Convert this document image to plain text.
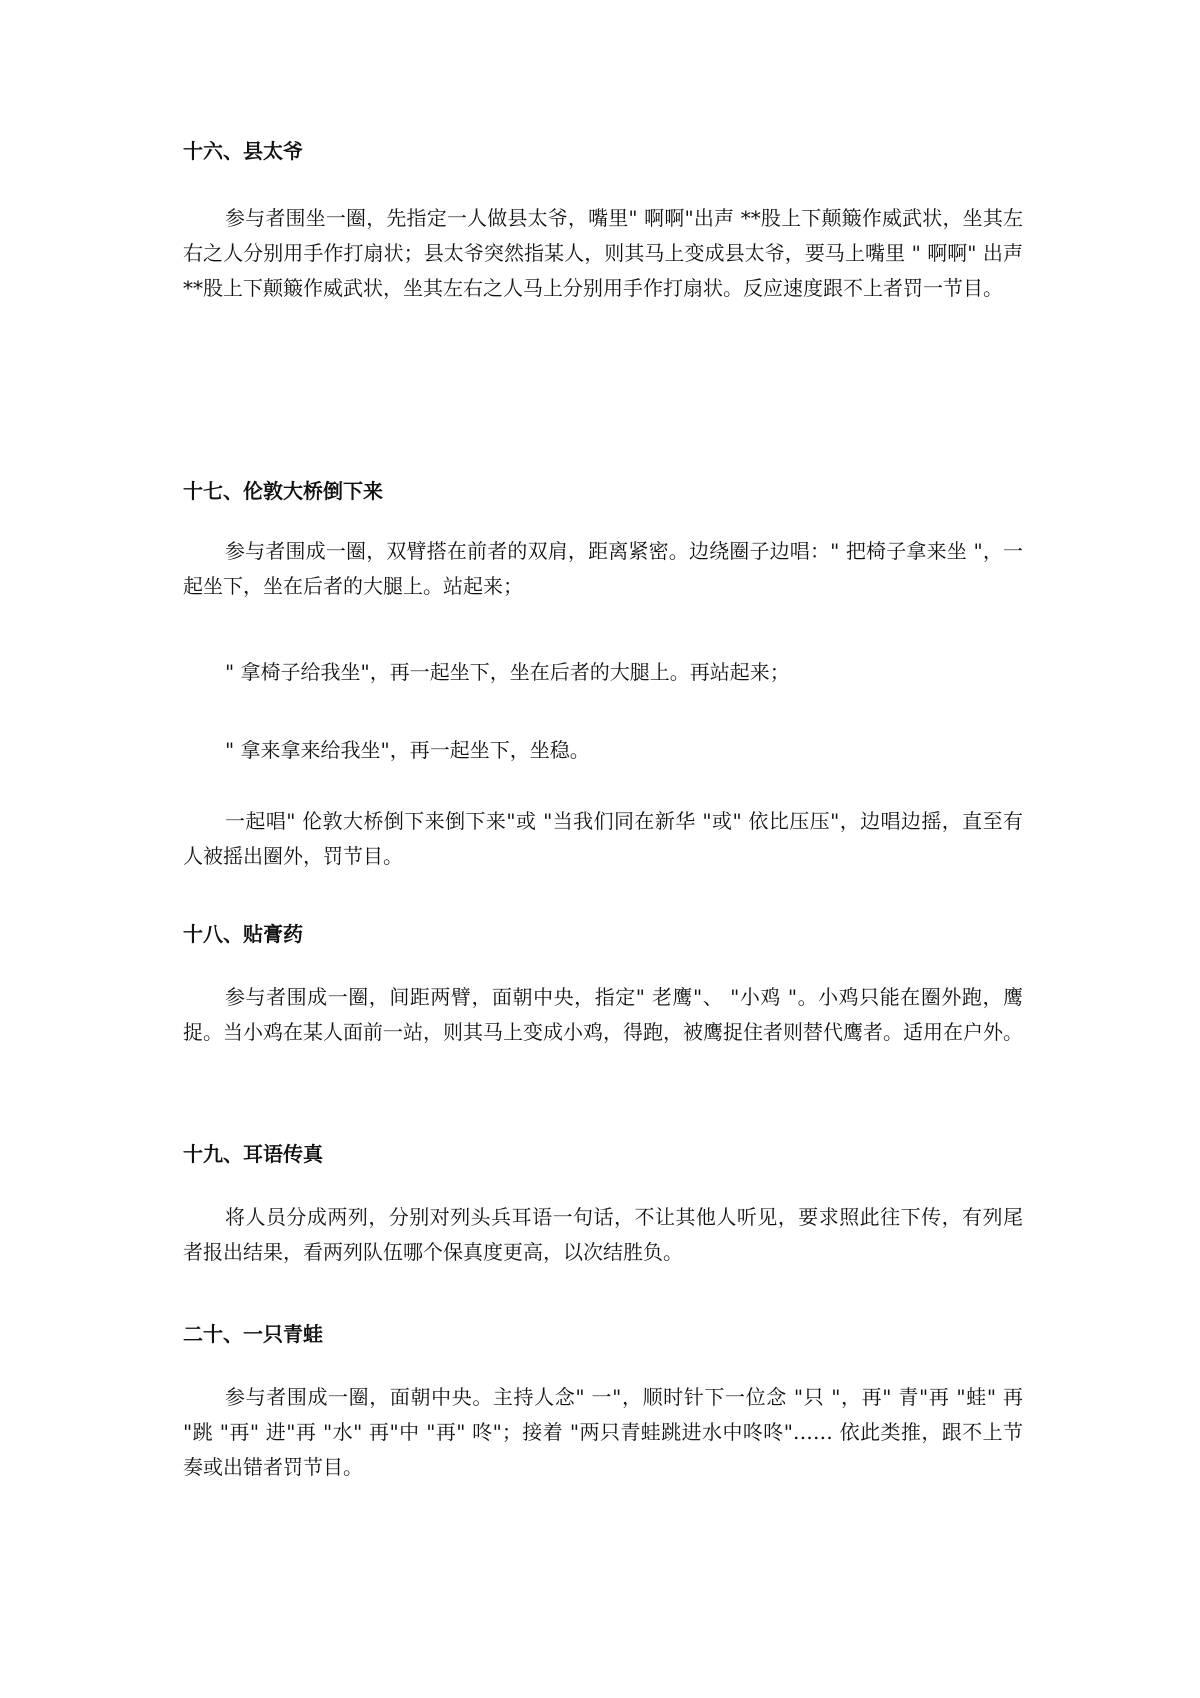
十六、县太爷

参与者围坐一圈，先指定一人做县太爷，嘴里" 啊啊"出声 **股上下颠簸作威武状，坐其左右之人分别用手作打扇状；县太爷突然指某人，则其马上变成县太爷，要马上嘴里 " 啊啊" 出声**股上下颠簸作威武状，坐其左右之人马上分别用手作打扇状。反应速度跟不上者罚一节目。

十七、伦敦大桥倒下来

参与者围成一圈，双臂搭在前者的双肩，距离紧密。边绕圈子边唱：" 把椅子拿来坐 "，一起坐下，坐在后者的大腿上。站起来；

" 拿椅子给我坐"，再一起坐下，坐在后者的大腿上。再站起来；

" 拿来拿来给我坐"，再一起坐下，坐稳。

一起唱" 伦敦大桥倒下来倒下来"或 "当我们同在新华 "或" 依比压压"，边唱边摇，直至有人被摇出圈外，罚节目。

十八、贴膏药

参与者围成一圈，间距两臂，面朝中央，指定" 老鹰"、 "小鸡 "。小鸡只能在圈外跑，鹰捉。当小鸡在某人面前一站，则其马上变成小鸡，得跑，被鹰捉住者则替代鹰者。适用在户外。

十九、耳语传真

将人员分成两列，分别对列头兵耳语一句话，不让其他人听见，要求照此往下传，有列尾者报出结果，看两列队伍哪个保真度更高，以次结胜负。

二十、一只青蛙

参与者围成一圈，面朝中央。主持人念" 一"，顺时针下一位念 "只 "，再" 青"再 "蛙" 再 "跳 "再" 进"再 "水" 再"中 "再" 咚"；接着 "两只青蛙跳进水中咚咚"…… 依此类推，跟不上节奏或出错者罚节目。
